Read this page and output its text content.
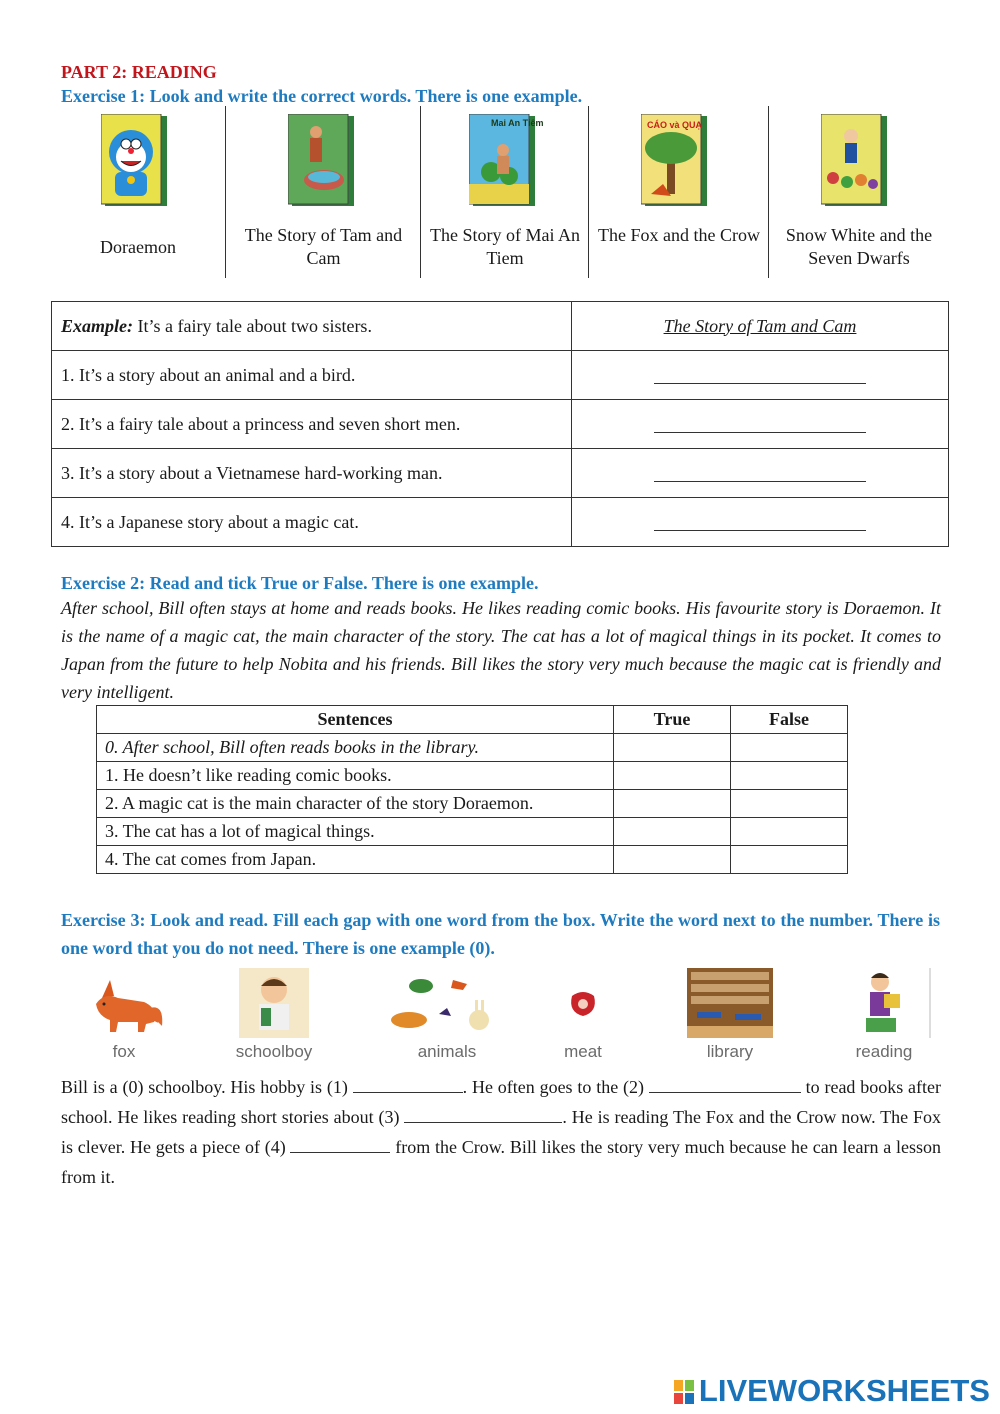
PART 2: READING
Exercise 1: Look and write the correct words. There is one example.
Doraemon
The Story of Tam and Cam
Mai An Tiêm
The Story of Mai An Tiem
CÁO và QUẠ
The Fox and the Crow	Snow White and the Seven Dwarfs
Example: It’s a fairy tale about two sisters.	The Story of Tam and Cam
1. It’s a story about an animal and a bird.	
2. It’s a fairy tale about a princess and seven short men.	
3. It’s a story about a Vietnamese hard-working man.	
4. It’s a Japanese story about a magic cat.	
Exercise 2: Read and tick True or False. There is one example.
After school, Bill often stays at home and reads books. He likes reading comic books. His favourite story is Doraemon. It is the name of a magic cat, the main character of the story. The cat has a lot of magical things in its pocket. It comes to Japan from the future to help Nobita and his friends. Bill likes the story very much because the magic cat is friendly and very intelligent.
Sentences	True	False
0. After school, Bill often reads books in the library.		
1. He doesn’t like reading comic books.		
2. A magic cat is the main character of the story Doraemon.		
3. The cat has a lot of magical things.		
4. The cat comes from Japan.		
Exercise 3: Look and read. Fill each gap with one word from the box. Write the word next to the number. There is one word that you do not need. There is one example (0).
fox	schoolboy	animals	meat	library	reading
Bill is a (0) schoolboy. His hobby is (1)	. He often goes to the (2)	to read books after school. He likes reading short stories about (3)	. He is reading The Fox and the Crow now. The Fox is clever. He gets a piece of (4)	from the Crow. Bill likes the story very much because he can learn a lesson from it.
LIVEWORKSHEETS
